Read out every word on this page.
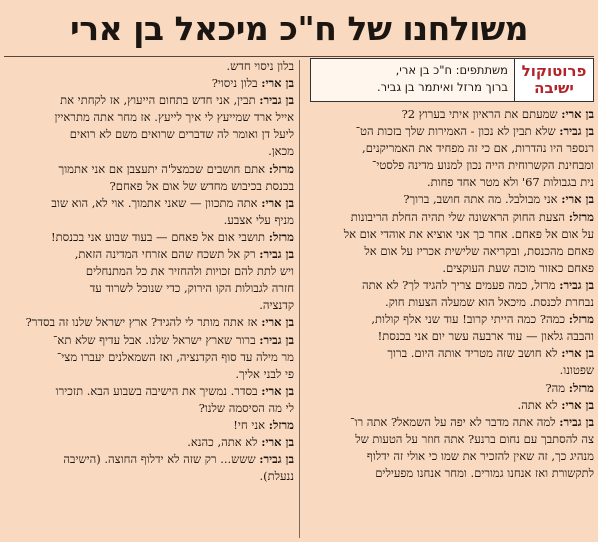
משולחנו של ח"כ מיכאל בן ארי
פרוטוקול
ישיבה
משתתפים: ח"כ בן ארי,
ברוך מרזל ואיתמר בן גביר.
בן ארי: שמעתם את הראיון איתי בערוץ 2?
בן גביר: שלא תבין לא נכון - האמירות שלך בזכות הט־
רנספר היו נהדרות, אם כי זה מפחיד את האמריקנים,
ומבחינת הקשרוחית הייה נכון למנוע מדינה פלסטי־
נית בגבולות 67' ולא מטר אחד פחות.
בן ארי: אני מבולבל. מה אתה חושב, ברוך?
מרזל: הצעת החוק הראשונה שלי תהיה החלת הריבונות
על אום אל פאחם. אחר כך אני אוציא את אוהדי אום אל
פאחם מהכנסת, ובקריאה שלישית אכריז על אום אל
פאחם כאזור מוכה שעת העוקצים.
בן גביר: מרזל, כמה פעמים צריך להגיד לך? לא אתה
נבחרת לכנסת. מיכאל הוא שמעלה הצעות חוק.
מרזל: כמה? כמה הייתי קרוב! עוד שני אלף קולות,
והבבה גלאון — עוד ארבעה עשר יום אני בכנסת!
בן ארי: לא חושב שזה מטריד אותה היום. ברוך
שפטונו.
מרזל: מה?
בן ארי: לא אתה.
בן גביר: למה אתה מדבר לא יפה על השמאל? אתה רו־
צה להסתבך עם נחום ברנע? אתה חוזר על הטעות של
מנהיג כך, זה שאין להזכיר את שמו כי אולי זה ידלוף
לתקשורת ואז אנחנו גמורים. ומחר אנחנו מפעילים
בלון ניסוי חדש.
בן ארי: בלון ניסוי?
בן גביר: תבין, אני חדש בתחום הייעוץ, אז לקחתי את
אייל ארד שמייעץ לי איך לייעץ. אז מחר אתה מתראיין
ליעל דן ואומר לה שדברים שרואים משם לא רואים
מכאן.
מרזל: אתם חושבים שכמצל'ה יתעצבן אם אני אתמוך
בכנסת בכיבוש מחדש של אום אל פאחם?
בן ארי: אתה מתכוון — שאני אתמוך. אוי לא, הוא שוב
מניף עלי אצבע.
מרזל: תושבי אום אל פאחם — בעוד שבוע אני בכנסת!
בן גביר: רק אל תשכח שהם אזרחי המדינה הזאת,
ויש לתת להם זכויות ולהחזיר את כל המתנחלים
חזרה לגבולות הקו הירוק, כדי שנוכל לשרוד עד
קדנציה.
בן ארי: אז אתה מותר לי להגיד? ארץ ישראל שלנו זה בסדר?
בן גביר: ברור שארץ ישראל שלנו. אבל עדיף שלא תא־
מר מילה עד סוף הקדנציה, ואז השמאלנים יעברו מצי־
פי לבני אליך.
בן ארי: בסדר. נמשיך את הישיבה בשבוע הבא. תזכירו
לי מה הסיסמה שלנו?
מרזל: אני חי!
בן ארי: לא אתה, כהנא.
בן גביר: ששש... רק שזה לא ידלוף החוצה. (הישיבה
ננעלת).
